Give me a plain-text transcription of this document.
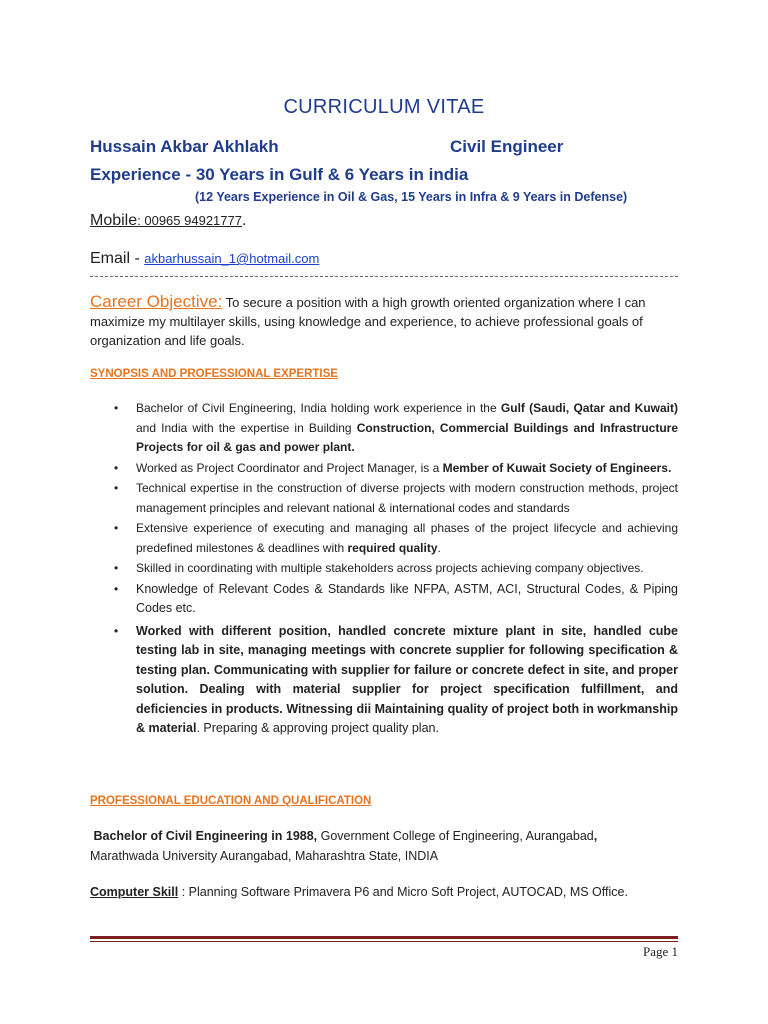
CURRICULUM VITAE
Hussain Akbar Akhlakh	Civil Engineer
Experience - 30 Years in Gulf & 6 Years in india
(12 Years Experience in Oil & Gas, 15 Years in Infra & 9 Years in Defense)
Mobile: 00965 94921777.
Email - akbarhussain_1@hotmail.com
Career Objective: To secure a position with a high growth oriented organization where I can maximize my multilayer skills, using knowledge and experience, to achieve professional goals of organization and life goals.
SYNOPSIS AND PROFESSIONAL EXPERTISE
• Bachelor of Civil Engineering, India holding work experience in the Gulf (Saudi, Qatar and Kuwait) and India with the expertise in Building Construction, Commercial Buildings and Infrastructure Projects for oil & gas and power plant.
• Worked as Project Coordinator and Project Manager, is a Member of Kuwait Society of Engineers.
• Technical expertise in the construction of diverse projects with modern construction methods, project management principles and relevant national & international codes and standards
• Extensive experience of executing and managing all phases of the project lifecycle and achieving predefined milestones & deadlines with required quality.
• Skilled in coordinating with multiple stakeholders across projects achieving company objectives.
• Knowledge of Relevant Codes & Standards like NFPA, ASTM, ACI, Structural Codes, & Piping Codes etc.
• Worked with different position, handled concrete mixture plant in site, handled cube testing lab in site, managing meetings with concrete supplier for following specification & testing plan. Communicating with supplier for failure or concrete defect in site, and proper solution. Dealing with material supplier for project specification fulfillment, and deficiencies in products. Witnessing dii Maintaining quality of project both in workmanship & material. Preparing & approving project quality plan.
PROFESSIONAL EDUCATION AND QUALIFICATION
Bachelor of Civil Engineering in 1988, Government College of Engineering, Aurangabad,
Marathwada University Aurangabad, Maharashtra State, INDIA
Computer Skill : Planning Software Primavera P6 and Micro Soft Project, AUTOCAD, MS Office.
Page 1
